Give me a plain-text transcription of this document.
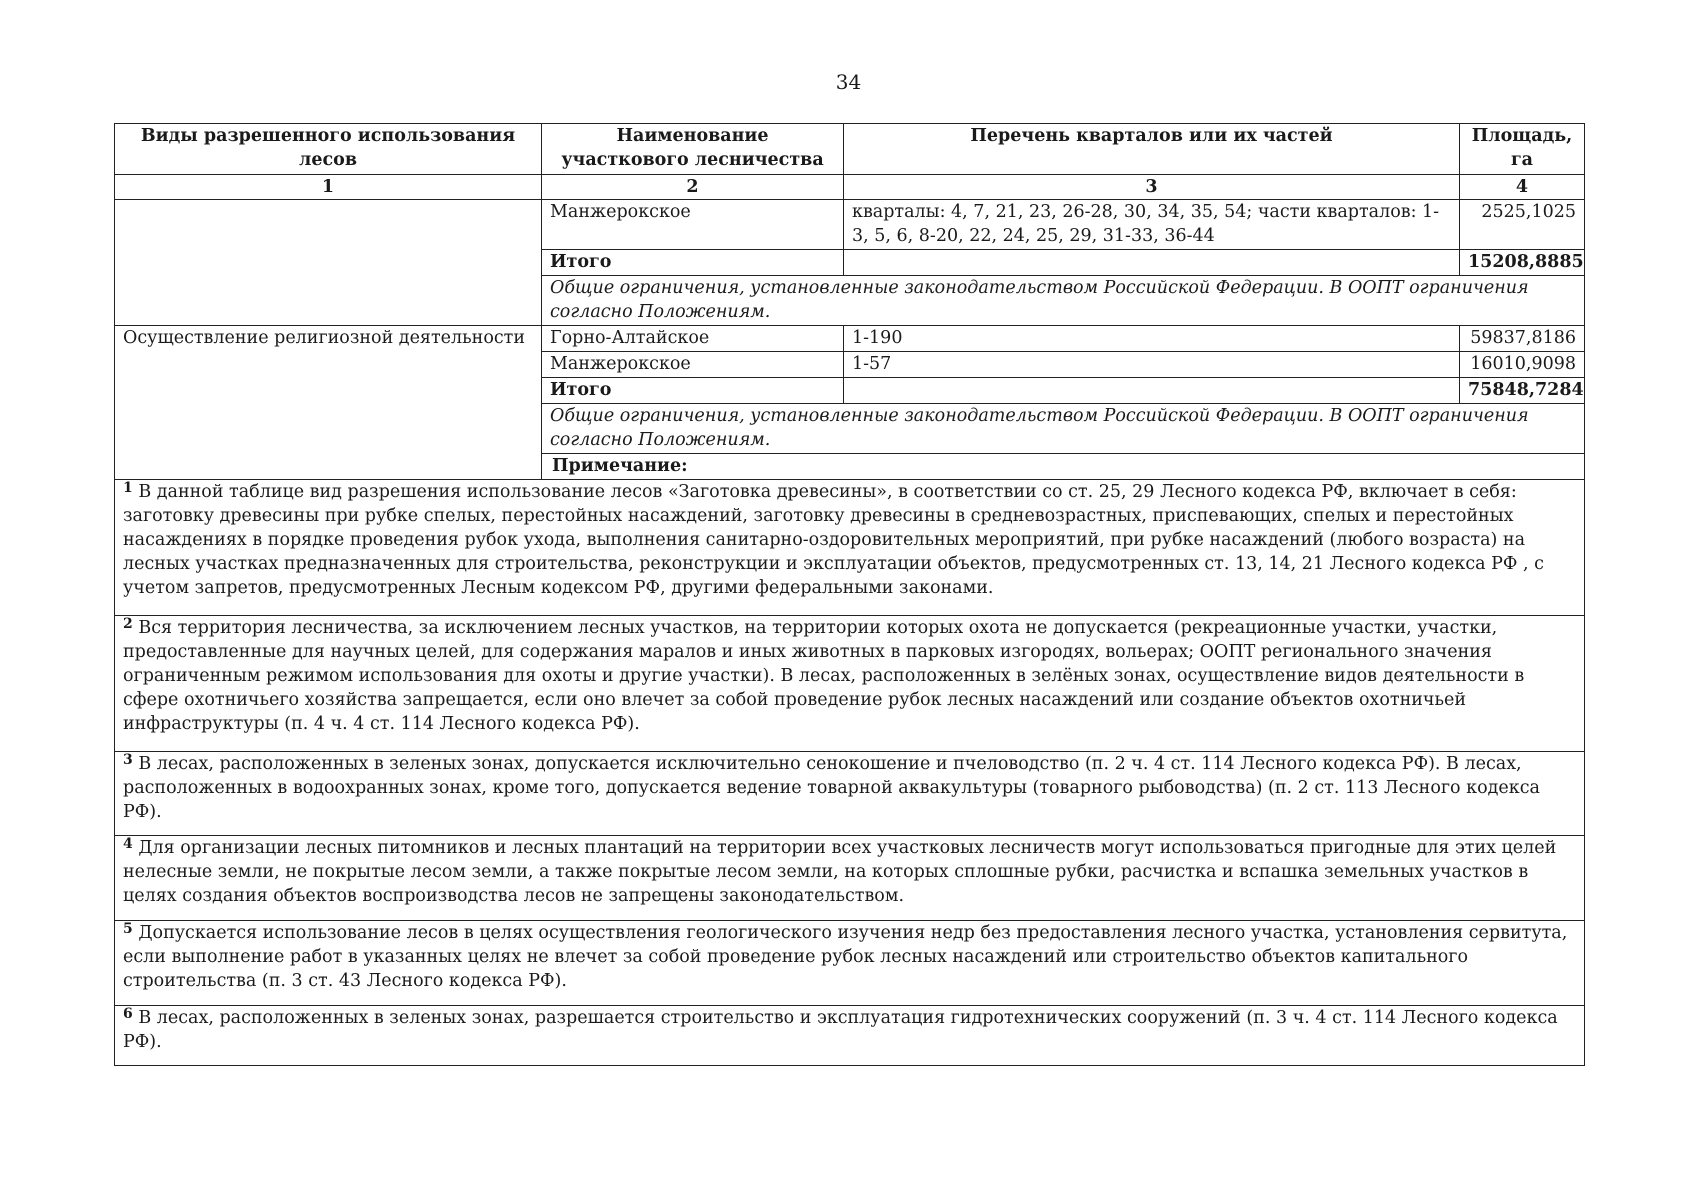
34
Виды разрешенного использования лесов	Наименование участкового лесничества	Перечень кварталов или их частей	Площадь, га
1	2	3	4
	Манжерокское	кварталы: 4, 7, 21, 23, 26-28, 30, 34, 35, 54; части кварталов: 1-3, 5, 6, 8-20, 22, 24, 25, 29, 31-33, 36-44	2525,1025
	Итого		15208,8885
	Общие ограничения, установленные законодательством Российской Федерации. В ООПТ ограничения согласно Положениям.		
Осуществление религиозной деятельности	Горно-Алтайское	1-190	59837,8186
	Манжерокское	1-57	16010,9098
	Итого		75848,7284
	Общие ограничения, установленные законодательством Российской Федерации. В ООПТ ограничения согласно Положениям.		
	Примечание:		
$^1$ В данной таблице вид разрешения использование лесов «Заготовка древесины», в соответствии со ст. 25, 29 Лесного кодекса РФ, включает в себя: заготовку древесины при рубке спелых, перестойных насаждений, заготовку древесины в средневозрастных, приспевающих, спелых и перестойных насаждениях в порядке проведения рубок ухода, выполнения санитарно-оздоровительных мероприятий, при рубке насаждений (любого возраста) на лесных участках предназначенных для строительства, реконструкции и эксплуатации объектов, предусмотренных ст. 13, 14, 21 Лесного кодекса РФ , с учетом запретов, предусмотренных Лесным кодексом РФ, другими федеральными законами.			
$^2$ Вся территория лесничества, за исключением лесных участков, на территории которых охота не допускается (рекреационные участки, участки, предоставленные для научных целей, для содержания маралов и иных животных в парковых изгородях, вольерах; ООПТ регионального значения ограниченным режимом использования для охоты и другие участки). В лесах, расположенных в зелёных зонах, осуществление видов деятельности в сфере охотничьего хозяйства запрещается, если оно влечет за собой проведение рубок лесных насаждений или создание объектов охотничьей инфраструктуры (п. 4 ч. 4 ст. 114 Лесного кодекса РФ).			
$^3$ В лесах, расположенных в зеленых зонах, допускается исключительно сенокошение и пчеловодство (п. 2 ч. 4 ст. 114 Лесного кодекса РФ). В лесах, расположенных в водоохранных зонах, кроме того, допускается ведение товарной аквакультуры (товарного рыбоводства) (п. 2 ст. 113 Лесного кодекса РФ).			
$^4$ Для организации лесных питомников и лесных плантаций на территории всех участковых лесничеств могут использоваться пригодные для этих целей нелесные земли, не покрытые лесом земли, а также покрытые лесом земли, на которых сплошные рубки, расчистка и вспашка земельных участков в целях создания объектов воспроизводства лесов не запрещены законодательством.			
$^5$ Допускается использование лесов в целях осуществления геологического изучения недр без предоставления лесного участка, установления сервитута, если выполнение работ в указанных целях не влечет за собой проведение рубок лесных насаждений или строительство объектов капитального строительства (п. 3 ст. 43 Лесного кодекса РФ).			
$^6$ В лесах, расположенных в зеленых зонах, разрешается строительство и эксплуатация гидротехнических сооружений (п. 3 ч. 4 ст. 114 Лесного кодекса РФ).			
